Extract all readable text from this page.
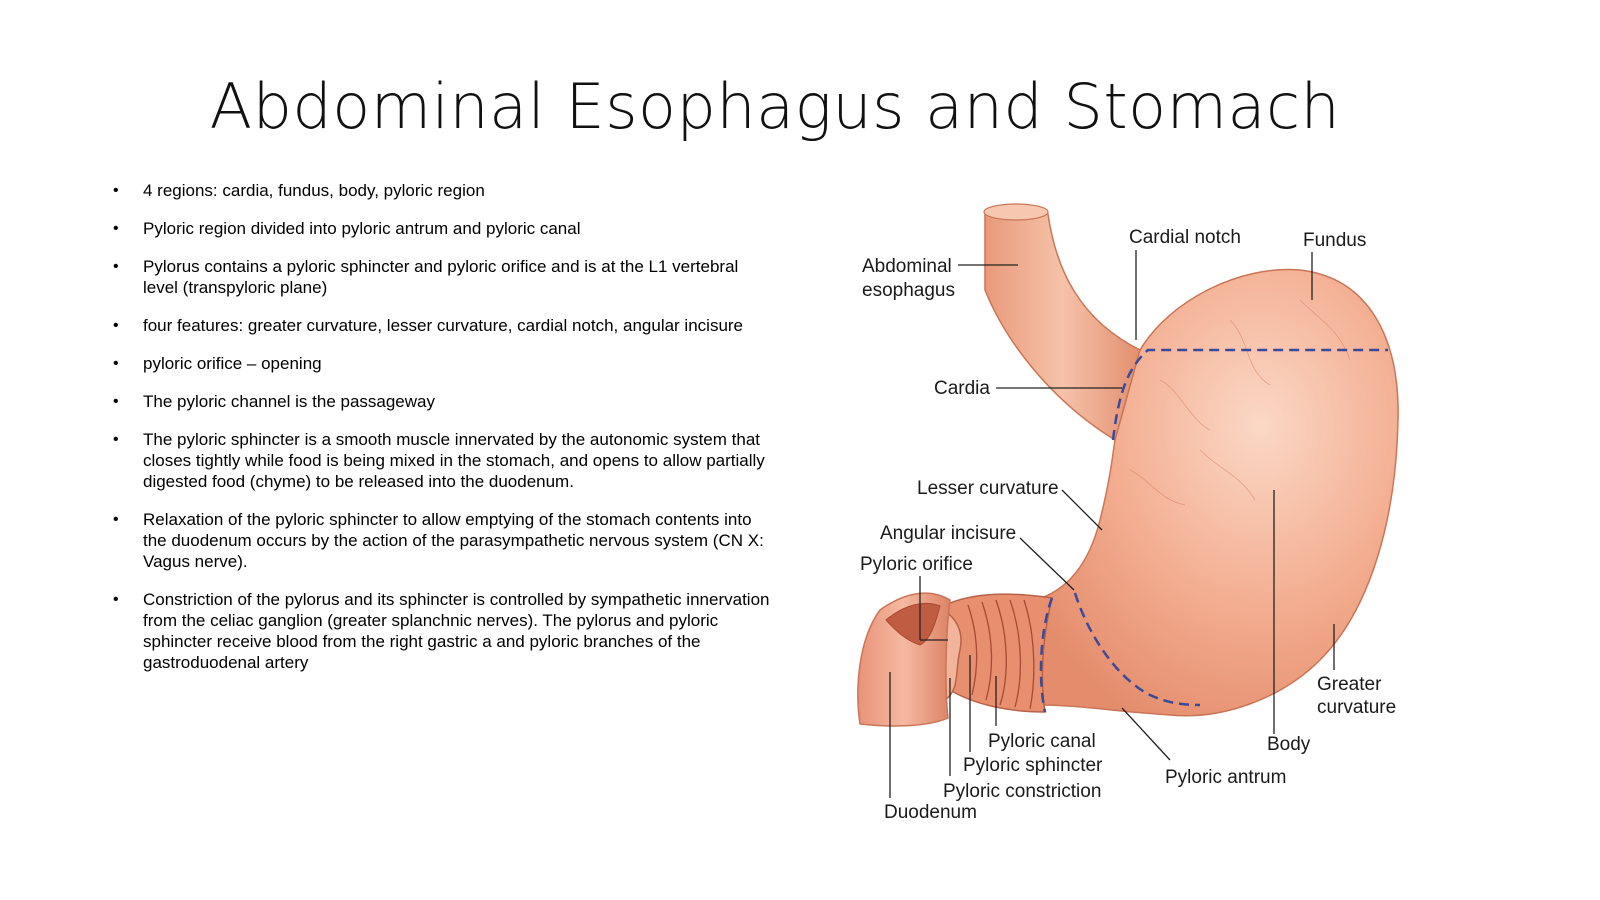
Abdominal Esophagus and Stomach
• 4 regions: cardia, fundus, body, pyloric region
• Pyloric region divided into pyloric antrum and pyloric canal
• Pylorus contains a pyloric sphincter and pyloric orifice and is at the L1 vertebral level (transpyloric plane)
• four features: greater curvature, lesser curvature, cardial notch, angular incisure
• pyloric orifice – opening
• The pyloric channel is the passageway
• The pyloric sphincter is a smooth muscle innervated by the autonomic system that closes tightly while food is being mixed in the stomach, and opens to allow partially digested food (chyme) to be released into the duodenum.
• Relaxation of the pyloric sphincter to allow emptying of the stomach contents into the duodenum occurs by the action of the parasympathetic nervous system (CN X: Vagus nerve).
• Constriction of the pylorus and its sphincter is controlled by sympathetic innervation from the celiac ganglion (greater splanchnic nerves). The pylorus and pyloric sphincter receive blood from the right gastric a and pyloric branches of the gastroduodenal artery
Abdominal
esophagus
Cardial notch	Fundus
Cardia
Lesser curvature
Angular incisure
Pyloric orifice
Greater
curvature
Body
Pyloric antrum
Pyloric canal
Pyloric sphincter
Pyloric constriction
Duodenum
